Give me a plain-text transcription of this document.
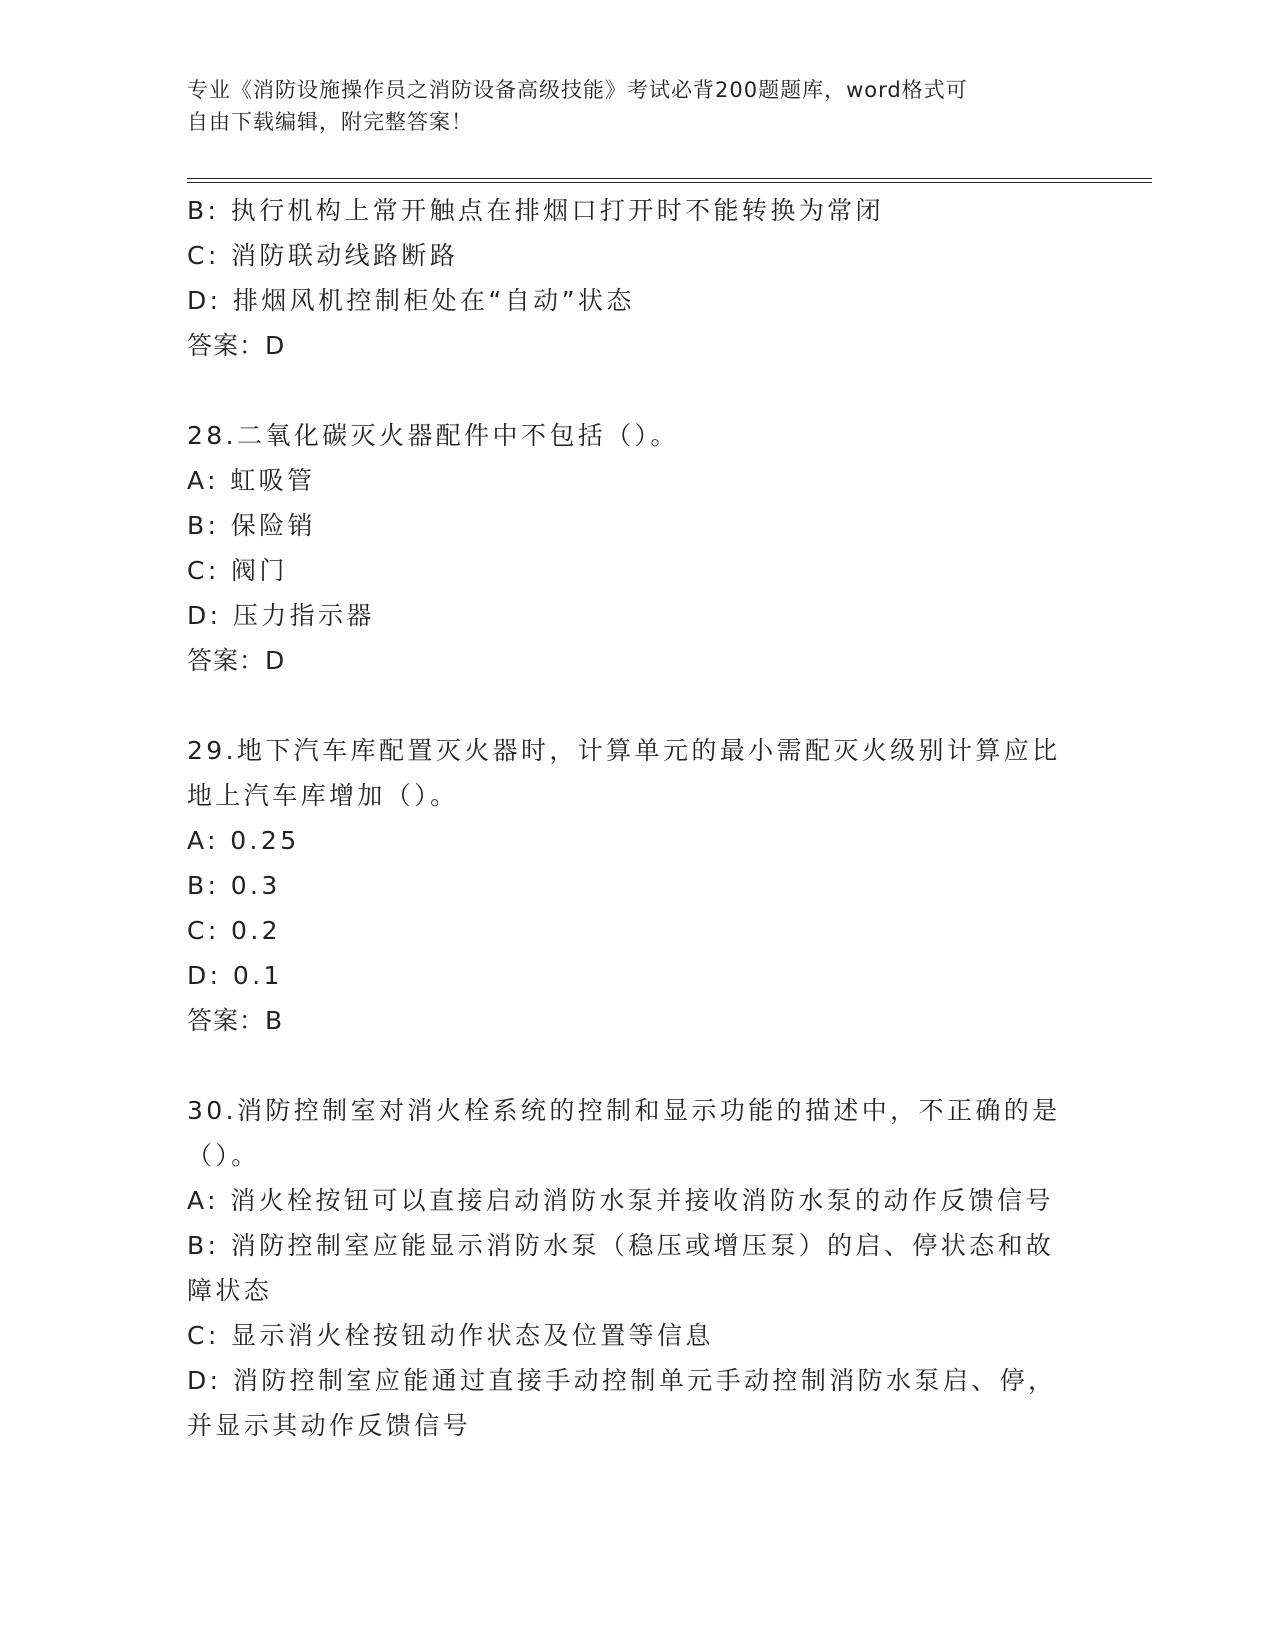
专业《消防设施操作员之消防设备高级技能》考试必背200题题库，word格式可
自由下载编辑，附完整答案！
B: 执行机构上常开触点在排烟口打开时不能转换为常闭
C: 消防联动线路断路
D: 排烟风机控制柜处在“自动”状态
答案：D
28.二氧化碳灭火器配件中不包括（）。
A: 虹吸管
B: 保险销
C: 阀门
D: 压力指示器
答案：D
29.地下汽车库配置灭火器时，计算单元的最小需配灭火级别计算应比
地上汽车库增加（）。
A: 0.25
B: 0.3
C: 0.2
D: 0.1
答案：B
30.消防控制室对消火栓系统的控制和显示功能的描述中，不正确的是
（）。
A: 消火栓按钮可以直接启动消防水泵并接收消防水泵的动作反馈信号
B: 消防控制室应能显示消防水泵（稳压或增压泵）的启、停状态和故
障状态
C: 显示消火栓按钮动作状态及位置等信息
D: 消防控制室应能通过直接手动控制单元手动控制消防水泵启、停，
并显示其动作反馈信号
